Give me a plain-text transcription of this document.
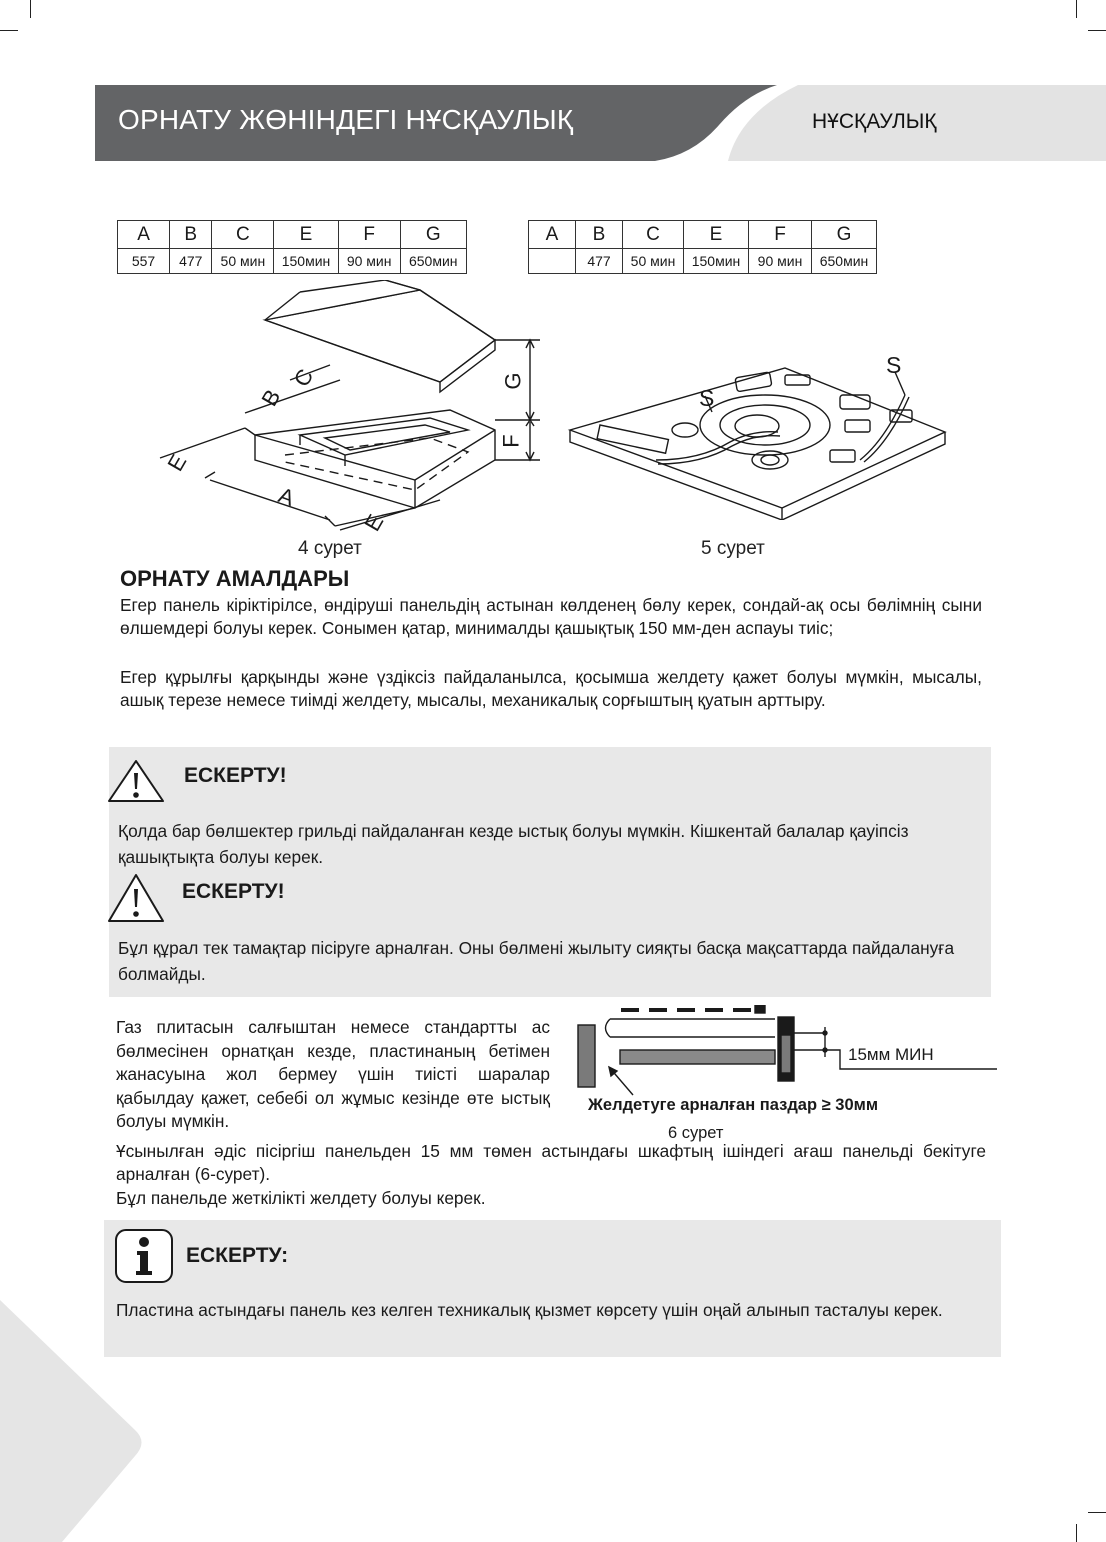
ОРНАТУ ЖӨНІНДЕГІ НҰСҚАУЛЫҚ	НҰСҚАУЛЫҚ
A	B	C	E	F	G
557	477	50 мин	150мин	90 мин	650мин
A	B	C	E	F	G
	477	50 мин	150мин	90 мин	650мин
G
F
A
B
C
E
E
4 сурет
S
S
5 сурет
ОРНАТУ АМАЛДАРЫ
Егер панель кіріктірілсе, өндіруші панельдің астынан көлденең бөлу керек, сондай-ақ осы бөлімнің сыни өлшемдері болуы керек. Сонымен қатар, минималды қашықтық 150 мм-ден аспауы тиіс;
Егер құрылғы қарқынды және үздіксіз пайдаланылса, қосымша желдету қажет болуы мүмкін, мысалы, ашық терезе немесе тиімді желдету, мысалы, механикалық сорғыштың қуатын арттыру.
ЕСКЕРТУ!
Қолда бар бөлшектер грильді пайдаланған кезде ыстық болуы мүмкін. Кішкентай балалар қауіпсіз қашықтықта болуы керек.
ЕСКЕРТУ!
Бұл құрал тек тамақтар пісіруге арналған. Оны бөлмені жылыту сияқты басқа мақсаттарда пайдалануға болмайды.
Газ плитасын салғыштан немесе стандартты ас бөлмесінен орнатқан кезде, пластинаның бетімен жанасуына жол бермеу үшін тиісті шаралар қабылдау қажет, себебі ол жұмыс кезінде өте ыстық болуы мүмкін.
15мм МИН
Желдетуге арналған паздар ≥ 30мм
6 сурет
Ұсынылған әдіс пісіргіш панельден 15 мм төмен астындағы шкафтың ішіндегі ағаш панельді бекітуге арналған (6-сурет).
Бұл панельде жеткілікті желдету болуы керек.
ЕСКЕРТУ:
Пластина астындағы панель кез келген техникалық қызмет көрсету үшін оңай алынып тасталуы керек.
